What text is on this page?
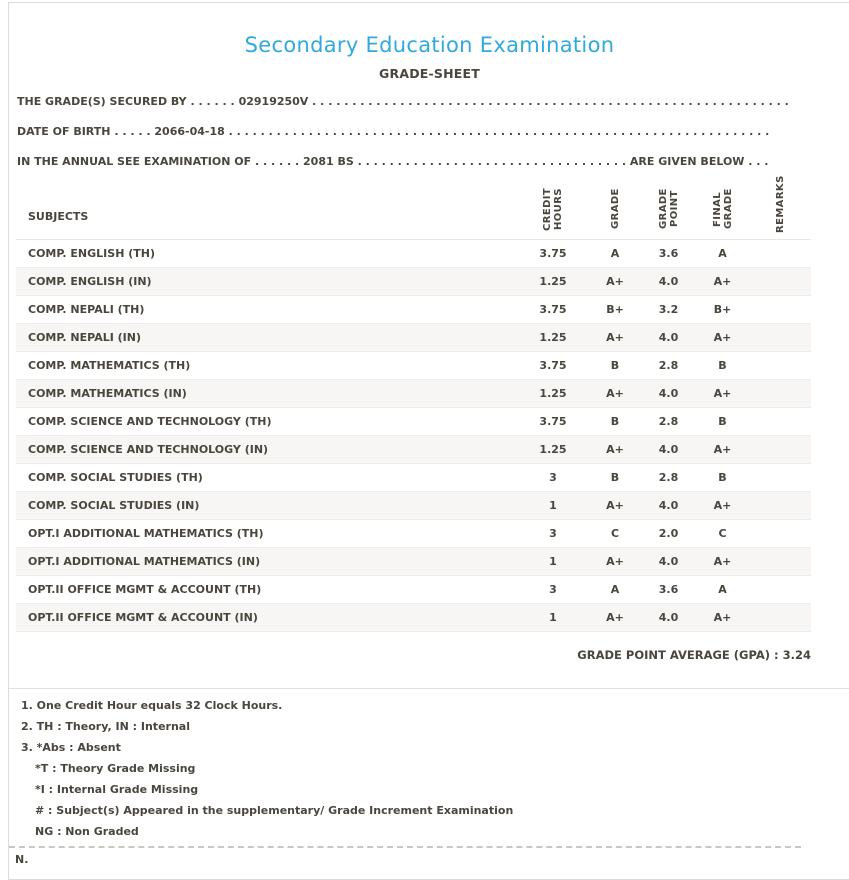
Secondary Education Examination
GRADE-SHEET
THE GRADE(S) SECURED BY . . . . . . 02919250V . . . . . . . . . . . . . . . . . . . . . . . . . . . . . . . . . . . . . . . . . . . . . . . . . . . . . . . . . . . .
DATE OF BIRTH . . . . . 2066-04-18 . . . . . . . . . . . . . . . . . . . . . . . . . . . . . . . . . . . . . . . . . . . . . . . . . . . . . . . . . . . . . . . . . . . .
IN THE ANNUAL SEE EXAMINATION OF . . . . . . 2081 BS . . . . . . . . . . . . . . . . . . . . . . . . . . . . . . . . . . ARE GIVEN BELOW . . .
SUBJECTS	CREDIT HOURS	GRADE	GRADE POINT	FINAL GRADE	REMARKS

COMP. ENGLISH (TH)	3.75	A	3.6	A	
COMP. ENGLISH (IN)	1.25	A+	4.0	A+	
COMP. NEPALI (TH)	3.75	B+	3.2	B+	
COMP. NEPALI (IN)	1.25	A+	4.0	A+	
COMP. MATHEMATICS (TH)	3.75	B	2.8	B	
COMP. MATHEMATICS (IN)	1.25	A+	4.0	A+	
COMP. SCIENCE AND TECHNOLOGY (TH)	3.75	B	2.8	B	
COMP. SCIENCE AND TECHNOLOGY (IN)	1.25	A+	4.0	A+	
COMP. SOCIAL STUDIES (TH)	3	B	2.8	B	
COMP. SOCIAL STUDIES (IN)	1	A+	4.0	A+	
OPT.I ADDITIONAL MATHEMATICS (TH)	3	C	2.0	C	
OPT.I ADDITIONAL MATHEMATICS (IN)	1	A+	4.0	A+	
OPT.II OFFICE MGMT & ACCOUNT (TH)	3	A	3.6	A	
OPT.II OFFICE MGMT & ACCOUNT (IN)	1	A+	4.0	A+	
GRADE POINT AVERAGE (GPA) : 3.24
1. One Credit Hour equals 32 Clock Hours.
2. TH : Theory, IN : Internal
3. *Abs : Absent
*T : Theory Grade Missing
*I : Internal Grade Missing
# : Subject(s) Appeared in the supplementary/ Grade Increment Examination
NG : Non Graded
N.
